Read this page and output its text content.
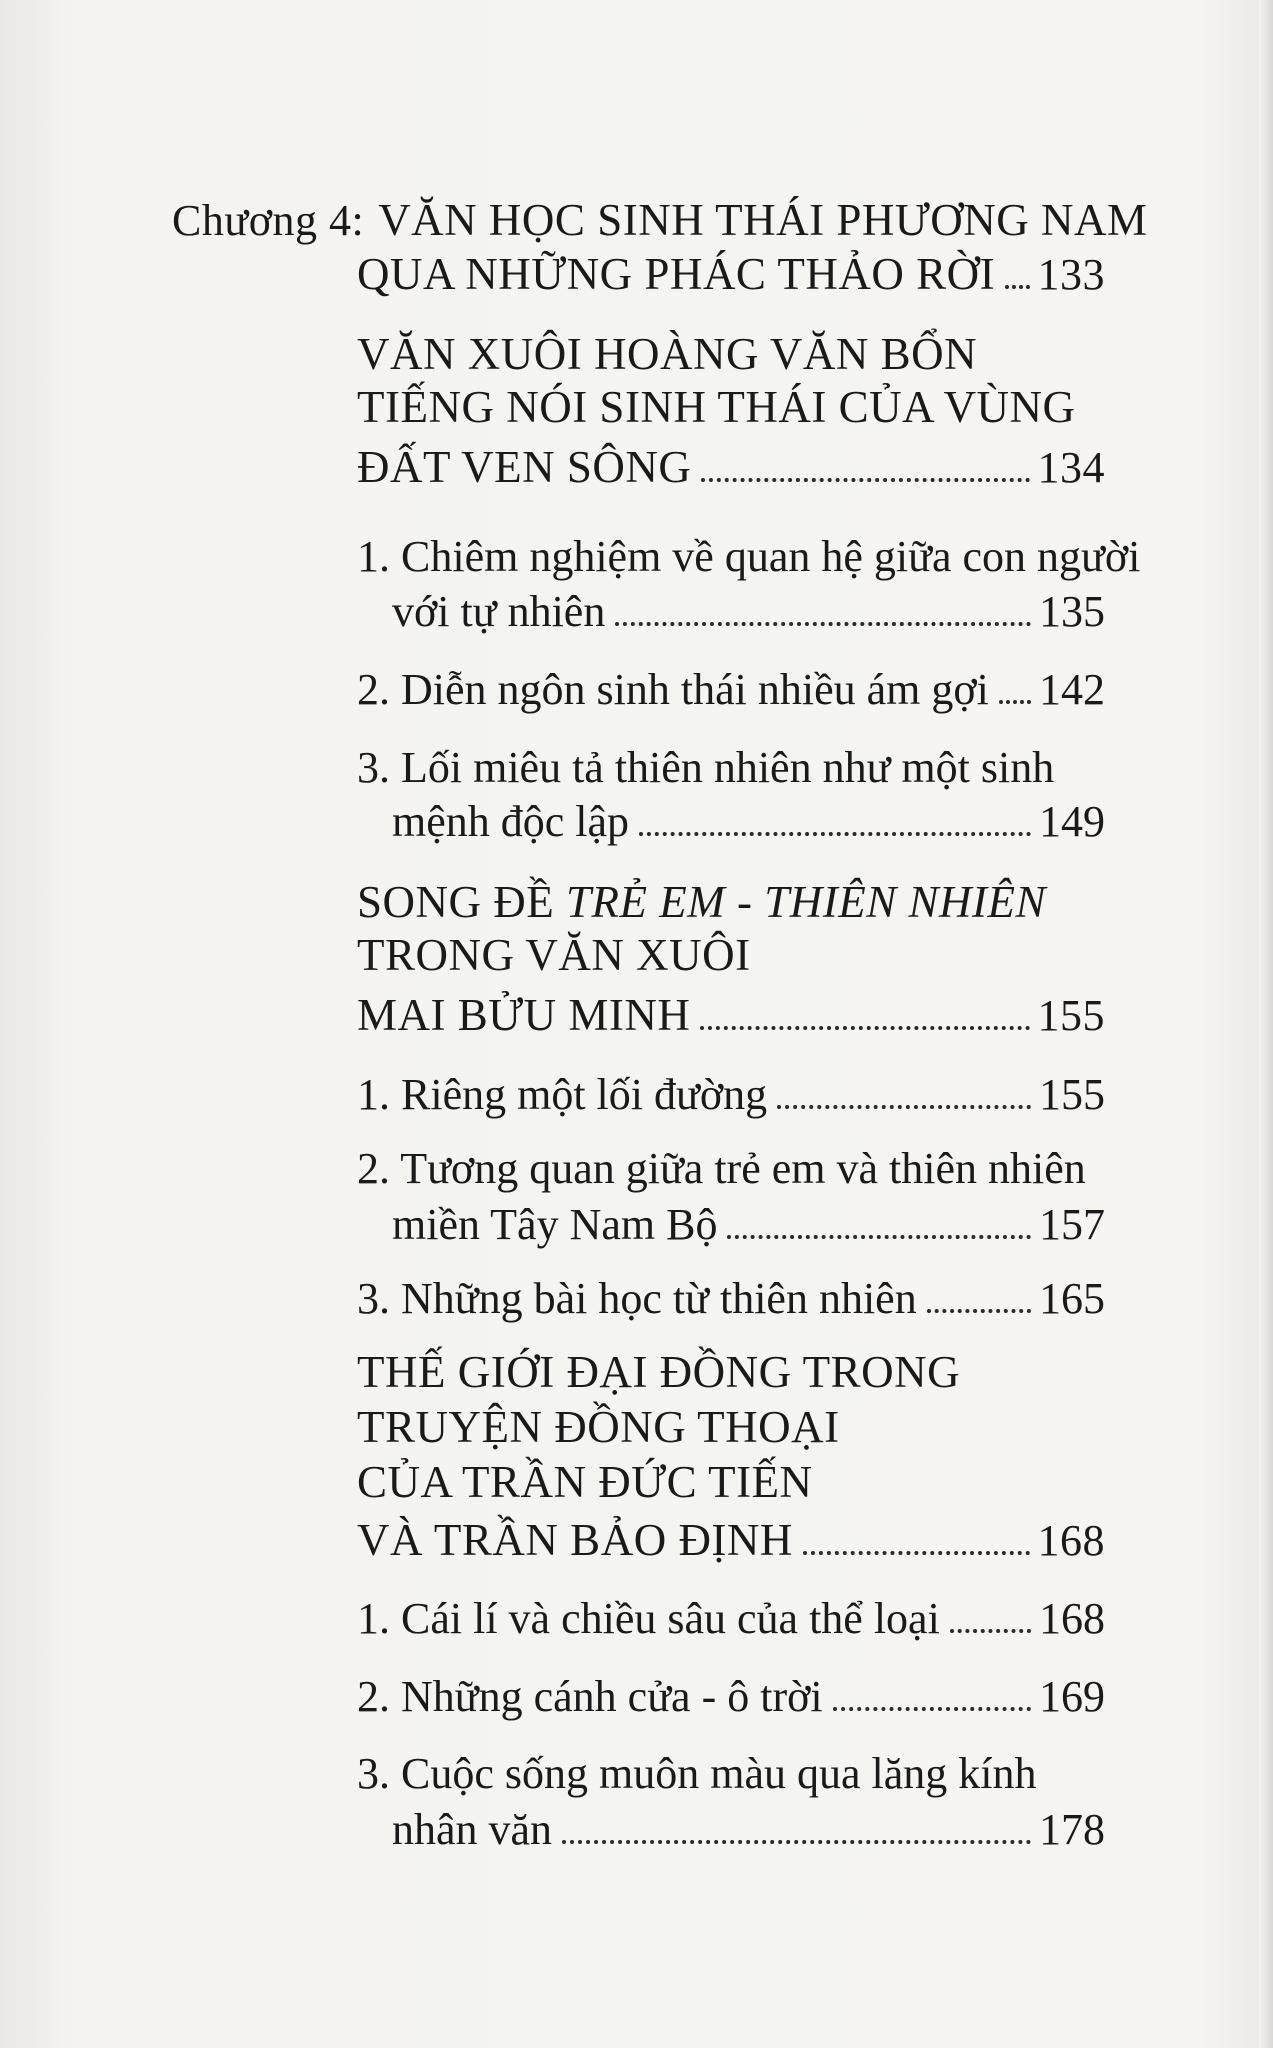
Chương 4: VĂN HỌC SINH THÁI PHƯƠNG NAM
QUA NHỮNG PHÁC THẢO RỜI 133
VĂN XUÔI HOÀNG VĂN BỔN
TIẾNG NÓI SINH THÁI CỦA VÙNG
ĐẤT VEN SÔNG	134
1. Chiêm nghiệm về quan hệ giữa con người
với tự nhiên	135
2. Diễn ngôn sinh thái nhiều ám gợi 142
3. Lối miêu tả thiên nhiên như một sinh
mệnh độc lập	149
SONG ĐỀ TRẺ EM - THIÊN NHIÊN
TRONG VĂN XUÔI
MAI BỬU MINH	155
1. Riêng một lối đường	155
2. Tương quan giữa trẻ em và thiên nhiên
miền Tây Nam Bộ	157
3. Những bài học từ thiên nhiên	165
THẾ GIỚI ĐẠI ĐỒNG TRONG
TRUYỆN ĐỒNG THOẠI
CỦA TRẦN ĐỨC TIẾN
VÀ TRẦN BẢO ĐỊNH	168
1. Cái lí và chiều sâu của thể loại 168
2. Những cánh cửa - ô trời	169
3. Cuộc sống muôn màu qua lăng kính
nhân văn	178
